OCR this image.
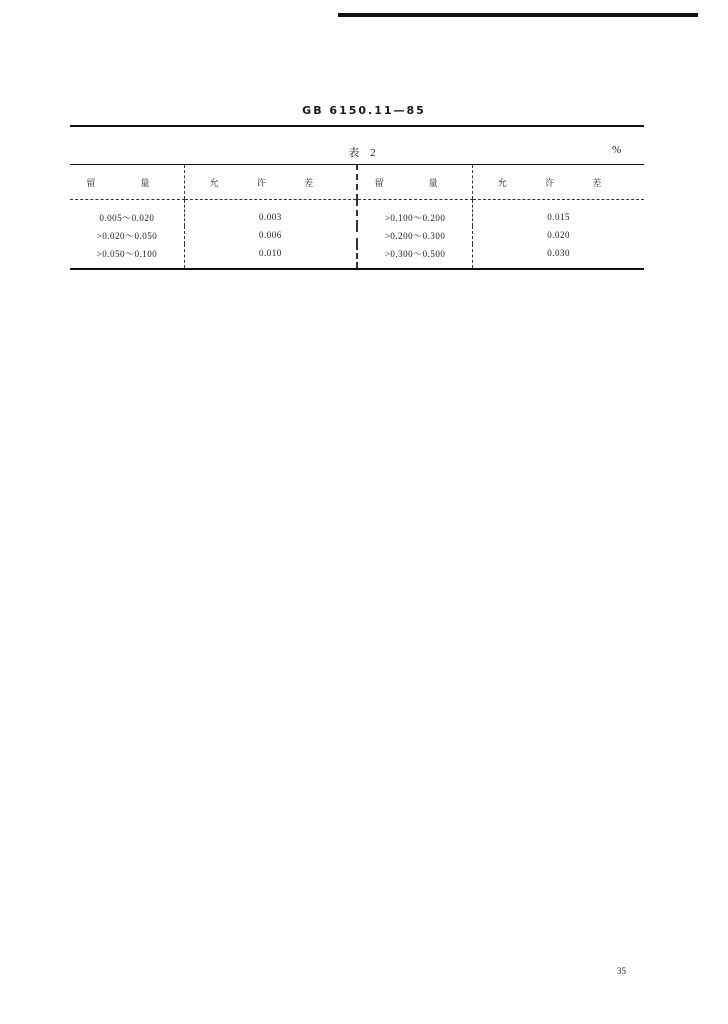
GB 6150.11—85
表 2	%
留　量	允 许 差	留　量	允 许 差
0.005～0.020	0.003	>0.100～0.200	0.015
>0.020～0.050	0.006	>0.200～0.300	0.020
>0.050～0.100	0.010	>0.300～0.500	0.030
35
